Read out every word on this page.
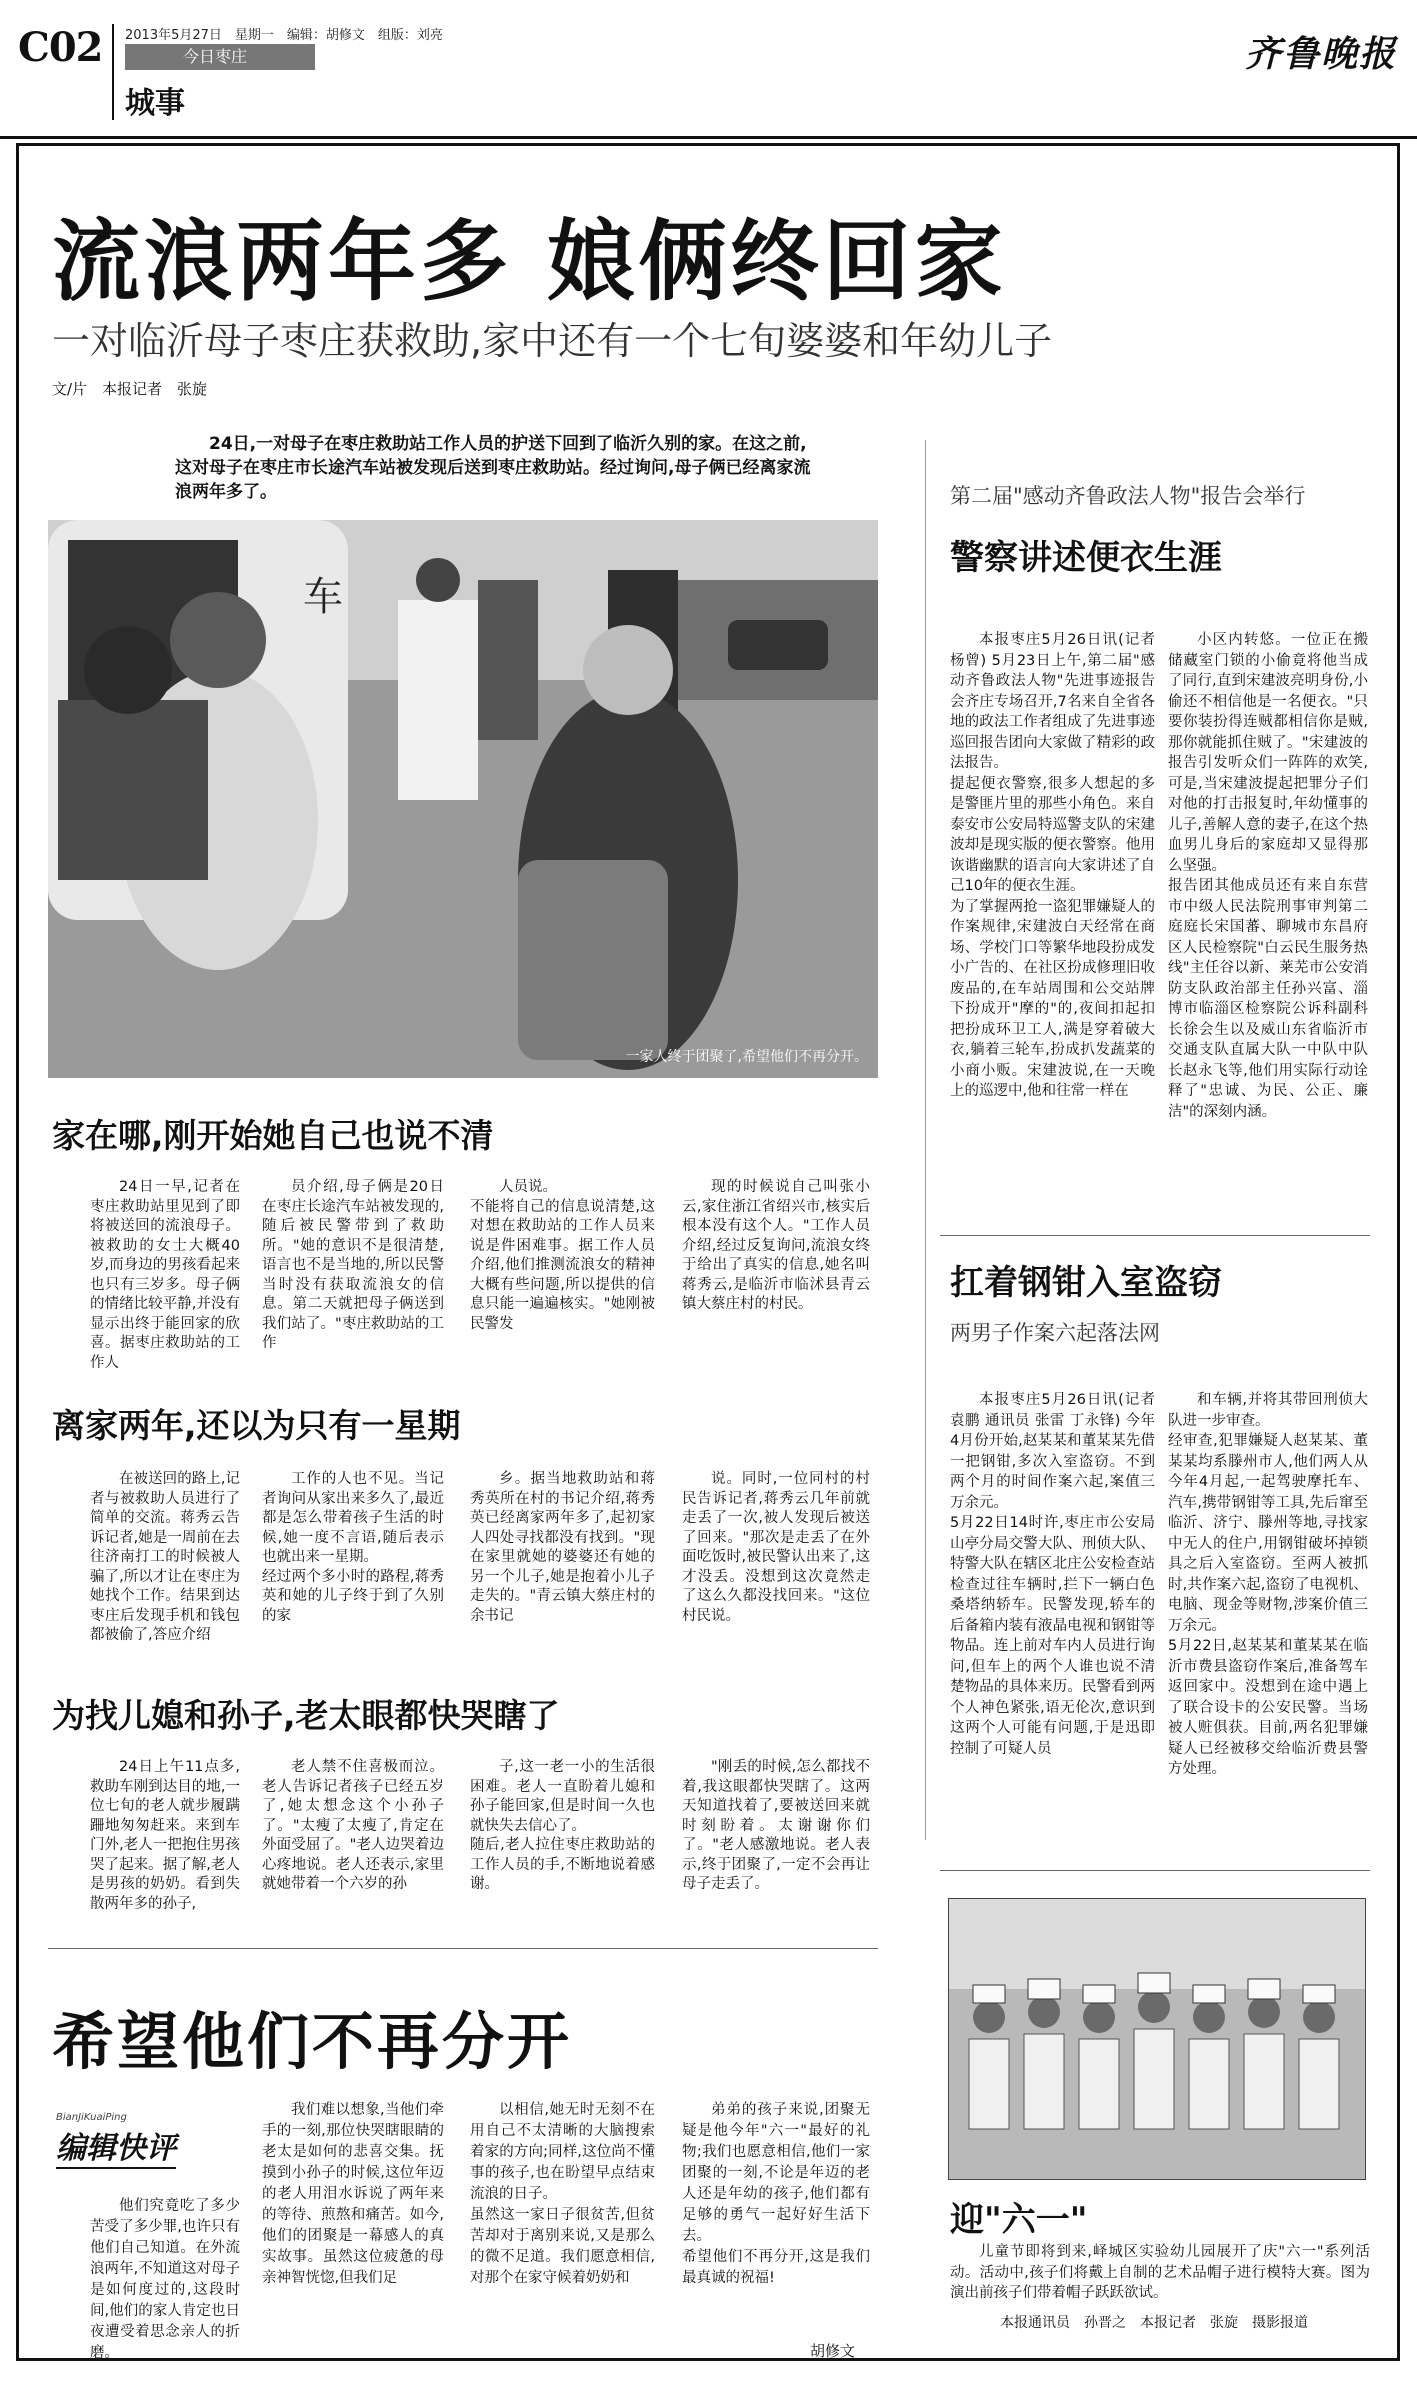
C02 2013年5月27日　星期一　编辑：胡修文　组版：刘亮
今日枣庄
城事
齐鲁晚报
流浪两年多 娘俩终回家
一对临沂母子枣庄获救助,家中还有一个七旬婆婆和年幼儿子
文/片　本报记者　张旋
24日,一对母子在枣庄救助站工作人员的护送下回到了临沂久别的家。在这之前,这对母子在枣庄市长途汽车站被发现后送到枣庄救助站。经过询问,母子俩已经离家流浪两年多了。
车
一家人终于团聚了,希望他们不再分开。
家在哪,刚开始她自己也说不清
24日一早,记者在枣庄救助站里见到了即将被送回的流浪母子。被救助的女士大概40岁,而身边的男孩看起来也只有三岁多。母子俩的情绪比较平静,并没有显示出终于能回家的欣喜。据枣庄救助站的工作人
员介绍,母子俩是20日在枣庄长途汽车站被发现的,随后被民警带到了救助所。"她的意识不是很清楚,语言也不是当地的,所以民警当时没有获取流浪女的信息。第二天就把母子俩送到我们站了。"枣庄救助站的工作
人员说。
不能将自己的信息说清楚,这对想在救助站的工作人员来说是件困难事。据工作人员介绍,他们推测流浪女的精神大概有些问题,所以提供的信息只能一遍遍核实。"她刚被民警发
现的时候说自己叫张小云,家住浙江省绍兴市,核实后根本没有这个人。"工作人员介绍,经过反复询问,流浪女终于给出了真实的信息,她名叫蒋秀云,是临沂市临沭县青云镇大蔡庄村的村民。
离家两年,还以为只有一星期
在被送回的路上,记者与被救助人员进行了简单的交流。蒋秀云告诉记者,她是一周前在去往济南打工的时候被人骗了,所以才让在枣庄为她找个工作。结果到达枣庄后发现手机和钱包都被偷了,答应介绍
工作的人也不见。当记者询问从家出来多久了,最近都是怎么带着孩子生活的时候,她一度不言语,随后表示也就出来一星期。
经过两个多小时的路程,蒋秀英和她的儿子终于到了久别的家
乡。据当地救助站和蒋秀英所在村的书记介绍,蒋秀英已经离家两年多了,起初家人四处寻找都没有找到。"现在家里就她的婆婆还有她的另一个儿子,她是抱着小儿子走失的。"青云镇大蔡庄村的余书记
说。同时,一位同村的村民告诉记者,蒋秀云几年前就走丢了一次,被人发现后被送了回来。"那次是走丢了在外面吃饭时,被民警认出来了,这才没丢。没想到这次竟然走了这么久都没找回来。"这位村民说。
为找儿媳和孙子,老太眼都快哭瞎了
24日上午11点多,救助车刚到达目的地,一位七旬的老人就步履蹒跚地匆匆赶来。来到车门外,老人一把抱住男孩哭了起来。据了解,老人是男孩的奶奶。看到失散两年多的孙子,
老人禁不住喜极而泣。老人告诉记者孩子已经五岁了,她太想念这个小孙子了。"太瘦了太瘦了,肯定在外面受屈了。"老人边哭着边心疼地说。老人还表示,家里就她带着一个六岁的孙
子,这一老一小的生活很困难。老人一直盼着儿媳和孙子能回家,但是时间一久也就快失去信心了。
随后,老人拉住枣庄救助站的工作人员的手,不断地说着感谢。
"刚丢的时候,怎么都找不着,我这眼都快哭瞎了。这两天知道找着了,要被送回来就时刻盼着。太谢谢你们了。"老人感激地说。老人表示,终于团聚了,一定不会再让母子走丢了。
希望他们不再分开
BianJiKuaiPing
编辑快评
他们究竟吃了多少苦受了多少罪,也许只有他们自己知道。在外流浪两年,不知道这对母子是如何度过的,这段时间,他们的家人肯定也日夜遭受着思念亲人的折磨。
我们难以想象,当他们牵手的一刻,那位快哭瞎眼睛的老太是如何的悲喜交集。抚摸到小孙子的时候,这位年迈的老人用泪水诉说了两年来的等待、煎熬和痛苦。如今,他们的团聚是一幕感人的真实故事。虽然这位疲惫的母亲神智恍惚,但我们足
以相信,她无时无刻不在用自己不太清晰的大脑搜索着家的方向;同样,这位尚不懂事的孩子,也在盼望早点结束流浪的日子。
虽然这一家日子很贫苦,但贫苦却对于离别来说,又是那么的微不足道。我们愿意相信,对那个在家守候着奶奶和
弟弟的孩子来说,团聚无疑是他今年"六一"最好的礼物;我们也愿意相信,他们一家团聚的一刻,不论是年迈的老人还是年幼的孩子,他们都有足够的勇气一起好好生活下去。
希望他们不再分开,这是我们最真诚的祝福!
胡修文
第二届"感动齐鲁政法人物"报告会举行
警察讲述便衣生涯
本报枣庄5月26日讯(记者 杨曾) 5月23日上午,第二届"感动齐鲁政法人物"先进事迹报告会齐庄专场召开,7名来自全省各地的政法工作者组成了先进事迹巡回报告团向大家做了精彩的政法报告。
提起便衣警察,很多人想起的多是警匪片里的那些小角色。来自泰安市公安局特巡警支队的宋建波却是现实版的便衣警察。他用诙谐幽默的语言向大家讲述了自己10年的便衣生涯。
为了掌握两抢一盗犯罪嫌疑人的作案规律,宋建波白天经常在商场、学校门口等繁华地段扮成发小广告的、在社区扮成修理旧收废品的,在车站周围和公交站牌下扮成开"摩的"的,夜间扣起扣把扮成环卫工人,满是穿着破大衣,躺着三轮车,扮成扒发蔬菜的小商小贩。宋建波说,在一天晚上的巡逻中,他和往常一样在
小区内转悠。一位正在搬储藏室门锁的小偷竟将他当成了同行,直到宋建波亮明身份,小偷还不相信他是一名便衣。"只要你装扮得连贼都相信你是贼,那你就能抓住贼了。"宋建波的报告引发听众们一阵阵的欢笑,可是,当宋建波提起把罪分子们对他的打击报复时,年幼懂事的儿子,善解人意的妻子,在这个热血男儿身后的家庭却又显得那么坚强。
报告团其他成员还有来自东营市中级人民法院刑事审判第二庭庭长宋国蕃、聊城市东昌府区人民检察院"白云民生服务热线"主任谷以新、莱芜市公安消防支队政治部主任孙兴富、淄博市临淄区检察院公诉科副科长徐会生以及威山东省临沂市交通支队直属大队一中队中队长赵永飞等,他们用实际行动诠释了"忠诚、为民、公正、廉洁"的深刻内涵。
扛着钢钳入室盗窃
两男子作案六起落法网
本报枣庄5月26日讯(记者 袁鹏 通讯员 张雷 丁永锋) 今年4月份开始,赵某某和董某某先借一把钢钳,多次入室盗窃。不到两个月的时间作案六起,案值三万余元。
5月22日14时许,枣庄市公安局山亭分局交警大队、刑侦大队、特警大队在辖区北庄公安检查站检查过往车辆时,拦下一辆白色桑塔纳轿车。民警发现,轿车的后备箱内装有液晶电视和钢钳等物品。连上前对车内人员进行询问,但车上的两个人谁也说不清楚物品的具体来历。民警看到两个人神色紧张,语无伦次,意识到这两个人可能有问题,于是迅即控制了可疑人员
和车辆,并将其带回刑侦大队进一步审查。
经审查,犯罪嫌疑人赵某某、董某某均系滕州市人,他们两人从今年4月起,一起驾驶摩托车、汽车,携带钢钳等工具,先后窜至临沂、济宁、滕州等地,寻找家中无人的住户,用钢钳破坏掉锁具之后入室盗窃。至两人被抓时,共作案六起,盗窃了电视机、电脑、现金等财物,涉案价值三万余元。
5月22日,赵某某和董某某在临沂市费县盗窃作案后,准备驾车返回家中。没想到在途中遇上了联合设卡的公安民警。当场被人赃俱获。目前,两名犯罪嫌疑人已经被移交给临沂费县警方处理。
迎"六一"
儿童节即将到来,峄城区实验幼儿园展开了庆"六一"系列活动。活动中,孩子们将戴上自制的艺术品帽子进行模特大赛。图为演出前孩子们带着帽子跃跃欲试。
本报通讯员　孙晋之　本报记者　张旋　摄影报道
